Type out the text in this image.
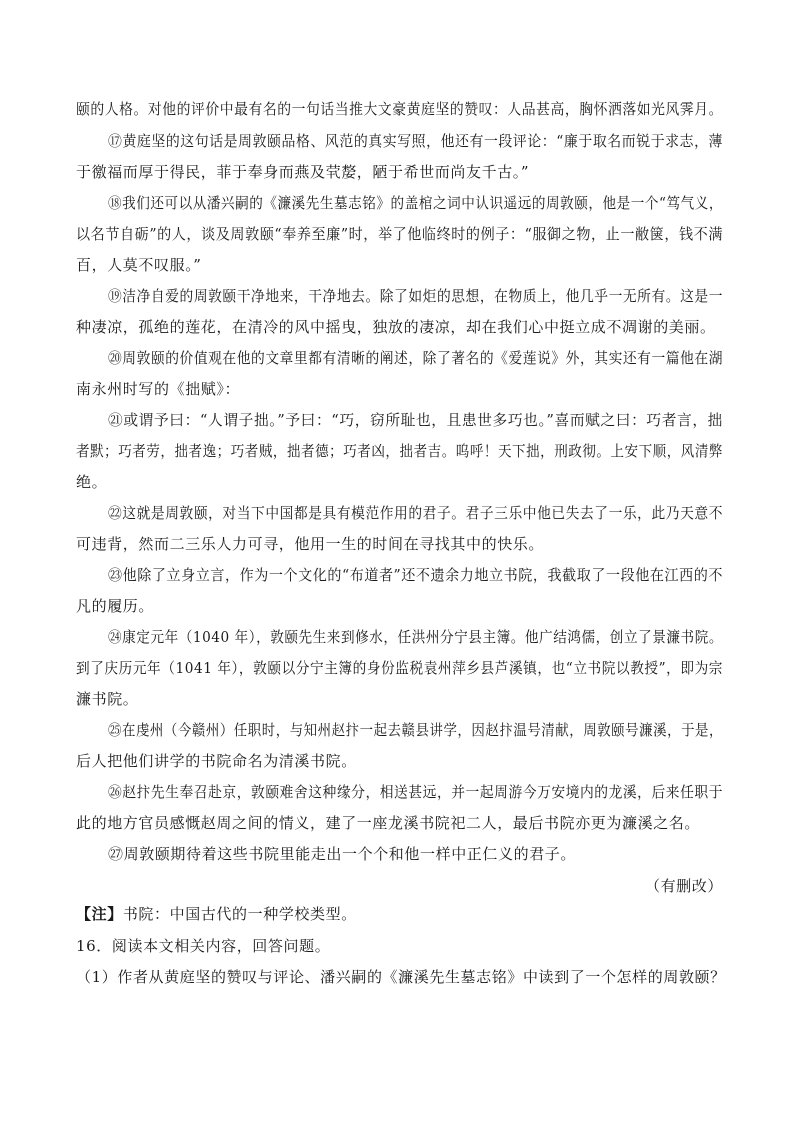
颐的人格。对他的评价中最有名的一句话当推大文豪黄庭坚的赞叹：人品甚高，胸怀洒落如光风霁月。
⑰黄庭坚的这句话是周敦颐品格、风范的真实写照，他还有一段评论：“廉于取名而锐于求志，薄
于徼福而厚于得民，菲于奉身而燕及茕嫠，陋于希世而尚友千古。”
⑱我们还可以从潘兴嗣的《濂溪先生墓志铭》的盖棺之词中认识遥远的周敦颐，他是一个“笃气义，
以名节自砺”的人，谈及周敦颐“奉养至廉”时，举了他临终时的例子：“服御之物，止一敝箧，钱不满
百，人莫不叹服。”
⑲洁净自爱的周敦颐干净地来，干净地去。除了如炬的思想，在物质上，他几乎一无所有。这是一
种凄凉，孤绝的莲花，在清冷的风中摇曳，独放的凄凉，却在我们心中挺立成不凋谢的美丽。
⑳周敦颐的价值观在他的文章里都有清晰的阐述，除了著名的《爱莲说》外，其实还有一篇他在湖
南永州时写的《拙赋》：
㉑或谓予曰：“人谓子拙。”予曰：“巧，窃所耻也，且患世多巧也。”喜而赋之曰：巧者言，拙
者默；巧者劳，拙者逸；巧者贼，拙者德；巧者凶，拙者吉。呜呼！天下拙，刑政彻。上安下顺，风清弊
绝。
㉒这就是周敦颐，对当下中国都是具有模范作用的君子。君子三乐中他已失去了一乐，此乃天意不
可违背，然而二三乐人力可寻，他用一生的时间在寻找其中的快乐。
㉓他除了立身立言，作为一个文化的“布道者”还不遗余力地立书院，我截取了一段他在江西的不
凡的履历。
㉔康定元年（1040 年），敦颐先生来到修水，任洪州分宁县主簿。他广结鸿儒，创立了景濂书院。
到了庆历元年（1041 年），敦颐以分宁主簿的身份监税袁州萍乡县芦溪镇，也“立书院以教授”，即为宗
濂书院。
㉕在虔州（今赣州）任职时，与知州赵抃一起去赣县讲学，因赵抃温号清献，周敦颐号濂溪，于是，
后人把他们讲学的书院命名为清溪书院。
㉖赵抃先生奉召赴京，敦颐难舍这种缘分，相送甚远，并一起周游今万安境内的龙溪，后来任职于
此的地方官员感慨赵周之间的情义，建了一座龙溪书院祀二人，最后书院亦更为濂溪之名。
㉗周敦颐期待着这些书院里能走出一个个和他一样中正仁义的君子。
（有删改）
【注】书院：中国古代的一种学校类型。
16．阅读本文相关内容，回答问题。
（1）作者从黄庭坚的赞叹与评论、潘兴嗣的《濂溪先生墓志铭》中读到了一个怎样的周敦颐？
